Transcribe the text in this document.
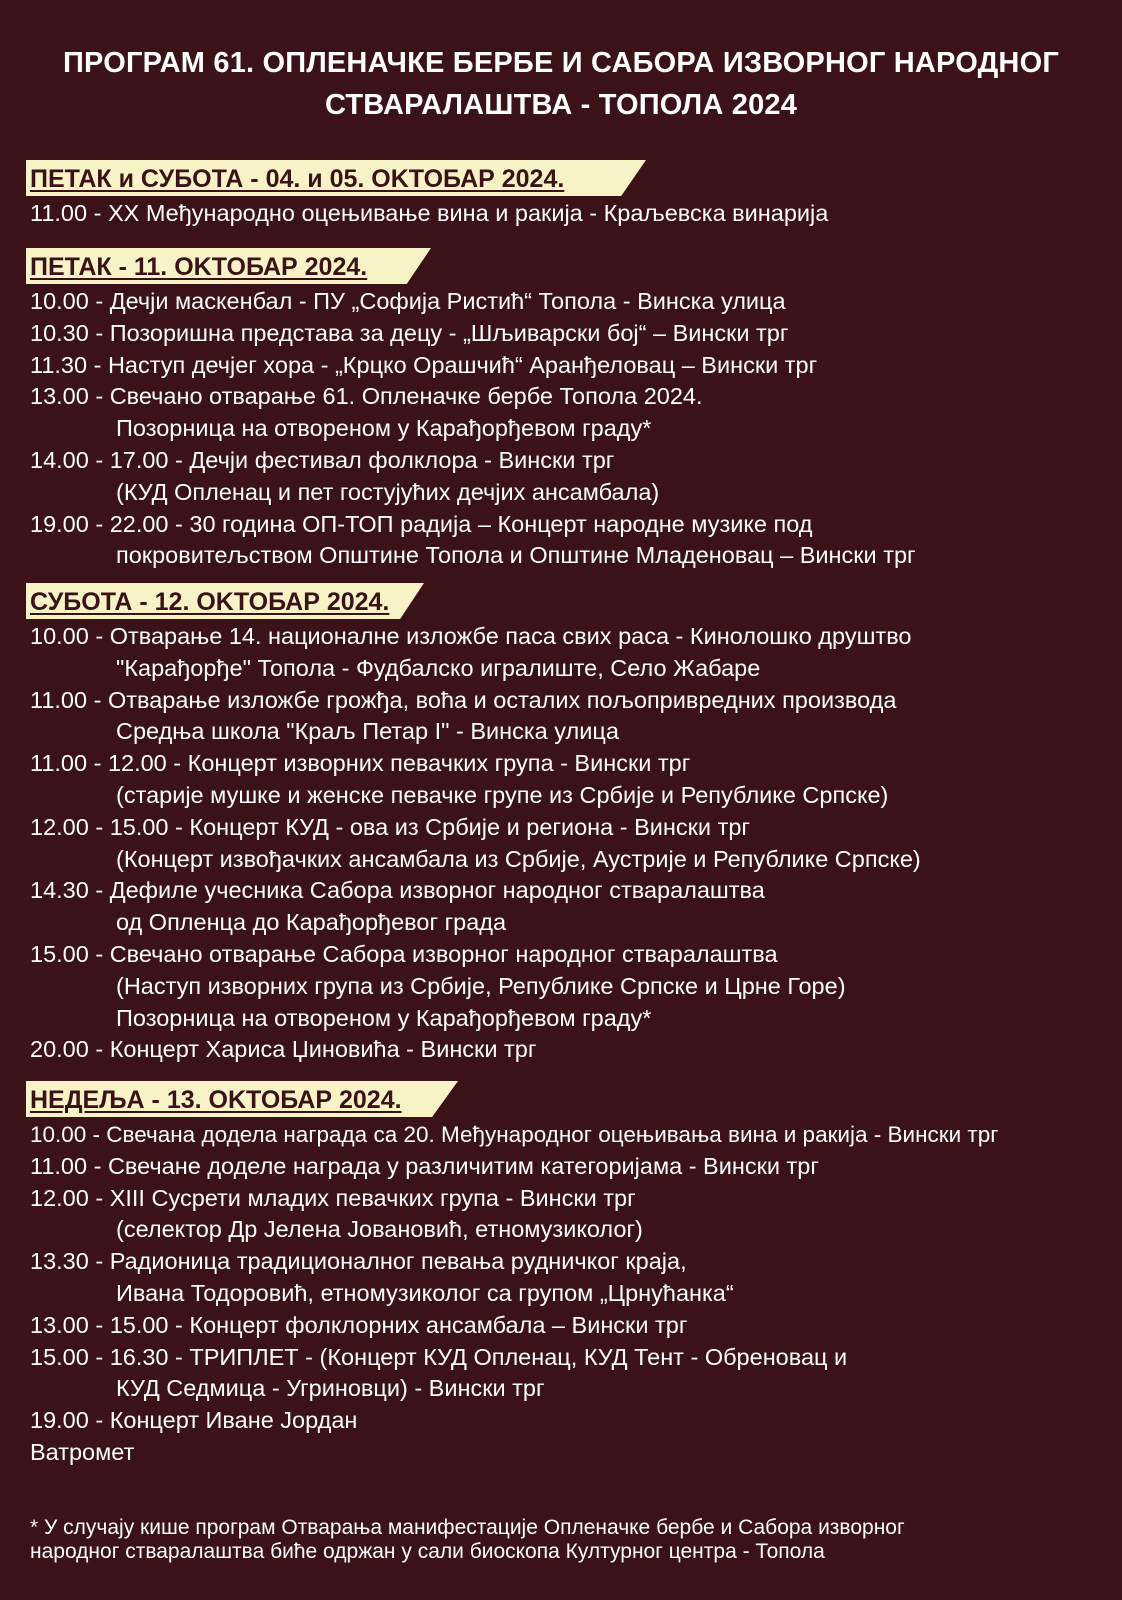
ПРОГРАМ 61. ОПЛЕНАЧКЕ БЕРБЕ И САБОРА ИЗВОРНОГ НАРОДНОГ
СТВАРАЛАШТВА - ТОПОЛА 2024
ПЕТАК и СУБОТА - 04. и 05. OKTOБАР 2024.
11.00 - XX Међународно оцењивање вина и ракија - Краљевска винарија
ПЕТАК - 11. OKTOБАР 2024.
10.00 - Дечји маскенбал - ПУ „Софија Ристић“ Топола - Винска улица
10.30 - Позоришна представа за децу - „Шљиварски бој“ – Вински трг
11.30 - Наступ дечјег хора - „Крцко Орашчић“ Аранђеловац – Вински трг
13.00 - Свечано отварање 61. Опленачке бербе Топола 2024.
Позорница на отвореном у Карађорђевом граду*
14.00 - 17.00 - Дечји фестивал фолклора - Вински трг
(КУД Опленац и пет гостујућих дечјих ансамбала)
19.00 - 22.00 - 30 година ОП-ТОП радија – Концерт народне музике под
покровитељством Општине Топола и Општине Младеновац – Вински трг
СУБОТА - 12. OKTOБАР 2024.
10.00 - Отварање 14. националне изложбе паса свих раса - Кинолошко друштво
"Карађорђе" Топола - Фудбалско игралиште, Село Жабаре
11.00 - Отварање изложбе грожђа, воћа и осталих пољопривредних производа
Средња школа "Краљ Петар I" - Винска улица
11.00 - 12.00 - Концерт изворних певачких група - Вински трг
(старије мушке и женске певачке групе из Србије и Републике Српске)
12.00 - 15.00 - Концерт КУД - ова из Србије и региона - Вински трг
(Концерт извођачких ансамбала из Србије, Аустрије и Републике Српске)
14.30 - Дефиле учесника Сабора изворног народног стваралаштва
од Опленца до Карађорђевог града
15.00 - Свечано отварање Сабора изворног народног стваралаштва
(Наступ изворних група из Србије, Републике Српске и Црне Горе)
Позорница на отвореном у Карађорђевом граду*
20.00 - Концерт Хариса Џиновића - Вински трг
НЕДЕЉА - 13. OKTOБАР 2024.
10.00 - Свечана додела награда са 20. Међународног оцењивања вина и ракија - Вински трг
11.00 - Свечане доделе награда у различитим категоријама - Вински трг
12.00 - XIII Сусрети младих певачких група - Вински трг
(селектор Др Јелена Јовановић, етномузиколог)
13.30 - Радионица традиционалног певања рудничког краја,
Ивана Тодоровић, етномузиколог са групом „Црнућанка“
13.00 - 15.00 - Концерт фолклорних ансамбала – Вински трг
15.00 - 16.30 - ТРИПЛЕТ - (Концерт КУД Опленац, КУД Тент - Обреновац и
КУД Седмица - Угриновци) - Вински трг
19.00 - Концерт Иване Јордан
Ватромет
* У случају кише програм Отварања манифестације Опленачке бербе и Сабора изворног
народног стваралаштва биће одржан у сали биоскопа Културног центра - Топола
